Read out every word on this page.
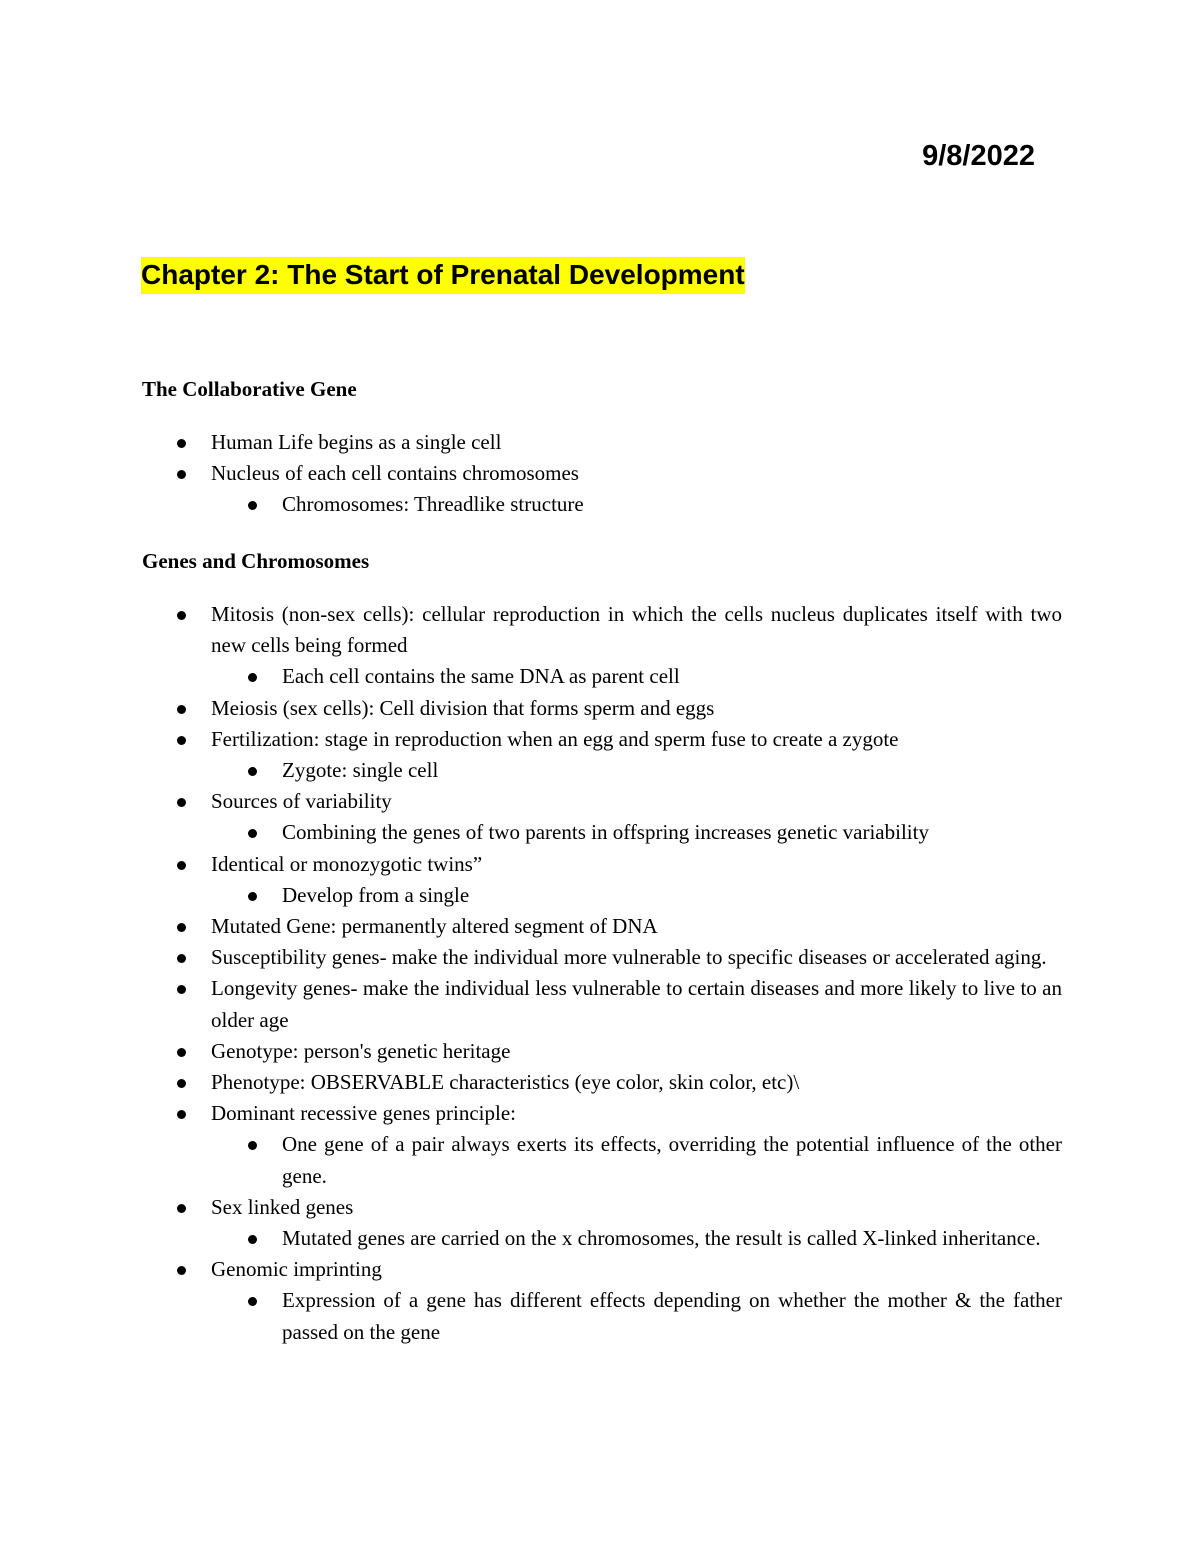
9/8/2022
Chapter 2: The Start of Prenatal Development
The Collaborative Gene
Human Life begins as a single cell
Nucleus of each cell contains chromosomes
Chromosomes: Threadlike structure
Genes and Chromosomes
Mitosis (non-sex cells): cellular reproduction in which the cells nucleus duplicates itself with two new cells being formed
Each cell contains the same DNA as parent cell
Meiosis (sex cells): Cell division that forms sperm and eggs
Fertilization: stage in reproduction when an egg and sperm fuse to create a zygote
Zygote: single cell
Sources of variability
Combining the genes of two parents in offspring increases genetic variability
Identical or monozygotic twins”
Develop from a single
Mutated Gene: permanently altered segment of DNA
Susceptibility genes- make the individual more vulnerable to specific diseases or accelerated aging.
Longevity genes- make the individual less vulnerable to certain diseases and more likely to live to an older age
Genotype: person's genetic heritage
Phenotype: OBSERVABLE characteristics (eye color, skin color, etc)\
Dominant recessive genes principle:
One gene of a pair always exerts its effects, overriding the potential influence of the other gene.
Sex linked genes
Mutated genes are carried on the x chromosomes, the result is called X-linked inheritance.
Genomic imprinting
Expression of a gene has different effects depending on whether the mother & the father passed on the gene
